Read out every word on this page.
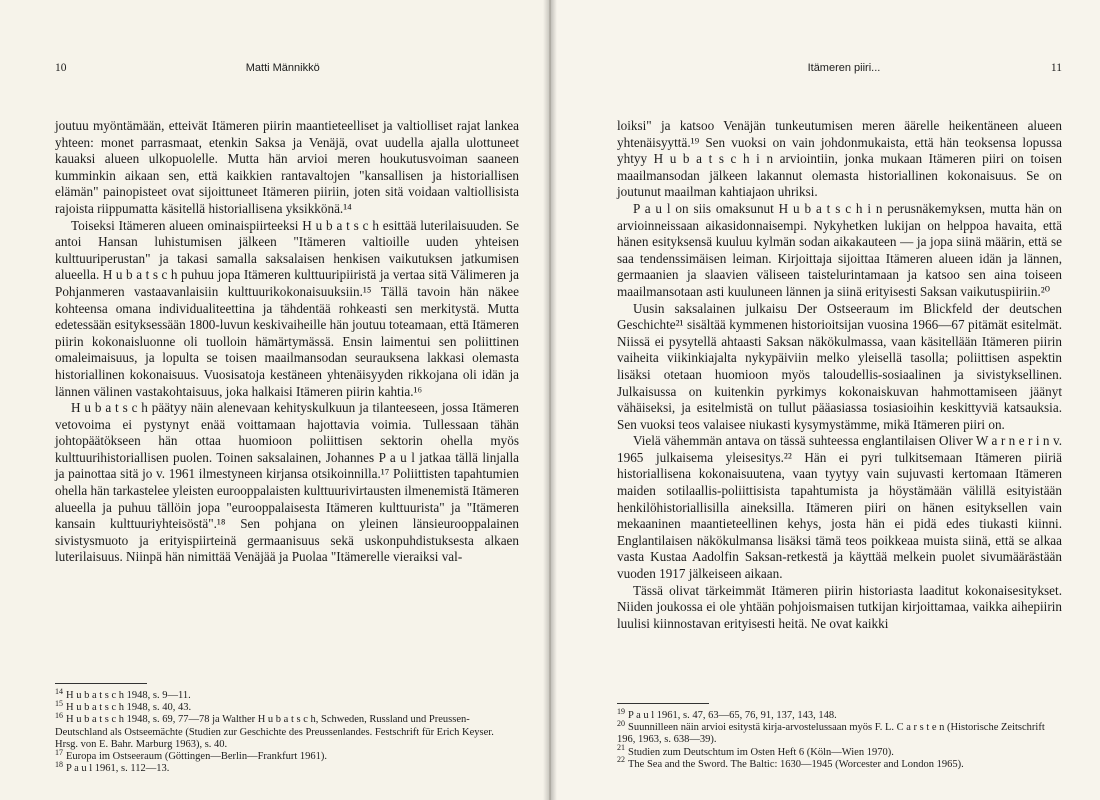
10	Matti Männikkö

joutuu myöntämään, etteivät Itämeren piirin maantieteelliset ja valtiolliset rajat lankea yhteen: monet parrasmaat, etenkin Saksa ja Venäjä, ovat uudella ajalla ulottuneet kauaksi alueen ulkopuolelle. Mutta hän arvioi meren houkutusvoiman saaneen kumminkin aikaan sen, että kaikkien rantavaltojen "kansallisen ja historiallisen elämän" painopisteet ovat sijoittuneet Itämeren piiriin, joten sitä voidaan valtiollisista rajoista riippumatta käsitellä historiallisena yksikkönä.¹⁴

Toiseksi Itämeren alueen ominaispiirteeksi H u b a t s c h esittää luterilaisuuden. Se antoi Hansan luhistumisen jälkeen "Itämeren valtioille uuden yhteisen kulttuuriperustan" ja takasi samalla saksalaisen henkisen vaikutuksen jatkumisen alueella. H u b a t s c h puhuu jopa Itämeren kulttuuripiiristä ja vertaa sitä Välimeren ja Pohjanmeren vastaavanlaisiin kulttuurikokonaisuuksiin.¹⁵ Tällä tavoin hän näkee kohteensa omana individualiteettina ja tähdentää rohkeasti sen merkitystä. Mutta edetessään esityksessään 1800-luvun keskivaiheille hän joutuu toteamaan, että Itämeren piirin kokonaisluonne oli tuolloin hämärtymässä. Ensin laimentui sen poliittinen omaleimaisuus, ja lopulta se toisen maailmansodan seurauksena lakkasi olemasta historiallinen kokonaisuus. Vuosisatoja kestäneen yhtenäisyyden rikkojana oli idän ja lännen välinen vastakohtaisuus, joka halkaisi Itämeren piirin kahtia.¹⁶

H u b a t s c h päätyy näin alenevaan kehityskulkuun ja tilanteeseen, jossa Itämeren vetovoima ei pystynyt enää voittamaan hajottavia voimia. Tullessaan tähän johtopäätökseen hän ottaa huomioon poliittisen sektorin ohella myös kulttuurihistoriallisen puolen. Toinen saksalainen, Johannes P a u l jatkaa tällä linjalla ja painottaa sitä jo v. 1961 ilmestyneen kirjansa otsikoinnilla.¹⁷ Poliittisten tapahtumien ohella hän tarkastelee yleisten eurooppalaisten kulttuurivirtausten ilmenemistä Itämeren alueella ja puhuu tällöin jopa "eurooppalaisesta Itämeren kulttuurista" ja "Itämeren kansain kulttuuriyhteisöstä".¹⁸ Sen pohjana on yleinen länsieurooppalainen sivistysmuoto ja erityispiirteinä germaanisuus sekä uskonpuhdistuksesta alkaen luterilaisuus. Niinpä hän nimittää Venäjää ja Puolaa "Itämerelle vieraiksi val-

$^{14}$ H u b a t s c h 1948, s. 9—11.

$^{15}$ H u b a t s c h 1948, s. 40, 43.

$^{16}$ H u b a t s c h 1948, s. 69, 77—78 ja Walther H u b a t s c h, Schweden, Russland und Preussen-Deutschland als Ostseemächte (Studien zur Geschichte des Preussenlandes. Festschrift für Erich Keyser. Hrsg. von E. Bahr. Marburg 1963), s. 40.

$^{17}$ Europa im Ostseeraum (Göttingen—Berlin—Frankfurt 1961).

$^{18}$ P a u l 1961, s. 112—13.

Itämeren piiri...	11

loiksi" ja katsoo Venäjän tunkeutumisen meren äärelle heikentäneen alueen yhtenäisyyttä.¹⁹ Sen vuoksi on vain johdonmukaista, että hän teoksensa lopussa yhtyy H u b a t s c h i n arviointiin, jonka mukaan Itämeren piiri on toisen maailmansodan jälkeen lakannut olemasta historiallinen kokonaisuus. Se on joutunut maailman kahtiajaon uhriksi.

P a u l on siis omaksunut H u b a t s c h i n perusnäkemyksen, mutta hän on arvioinneissaan aikasidonnaisempi. Nykyhetken lukijan on helppoa havaita, että hänen esityksensä kuuluu kylmän sodan aikakauteen — ja jopa siinä määrin, että se saa tendenssimäisen leiman. Kirjoittaja sijoittaa Itämeren alueen idän ja lännen, germaanien ja slaavien väliseen taistelurintamaan ja katsoo sen aina toiseen maailmansotaan asti kuuluneen lännen ja siinä erityisesti Saksan vaikutuspiiriin.²⁰

Uusin saksalainen julkaisu Der Ostseeraum im Blickfeld der deutschen Geschichte²¹ sisältää kymmenen historioitsijan vuosina 1966—67 pitämät esitelmät. Niissä ei pysytellä ahtaasti Saksan näkökulmassa, vaan käsitellään Itämeren piirin vaiheita viikinkiajalta nykypäiviin melko yleisellä tasolla; poliittisen aspektin lisäksi otetaan huomioon myös taloudellis-sosiaalinen ja sivistyksellinen. Julkaisussa on kuitenkin pyrkimys kokonaiskuvan hahmottamiseen jäänyt vähäiseksi, ja esitelmistä on tullut pääasiassa tosiasioihin keskittyviä katsauksia. Sen vuoksi teos valaisee niukasti kysymystämme, mikä Itämeren piiri on.

Vielä vähemmän antava on tässä suhteessa englantilaisen Oliver W a r n e r i n v. 1965 julkaisema yleisesitys.²² Hän ei pyri tulkitsemaan Itämeren piiriä historiallisena kokonaisuutena, vaan tyytyy vain sujuvasti kertomaan Itämeren maiden sotilaallis-poliittisista tapahtumista ja höystämään välillä esityistään henkilöhistoriallisilla aineksilla. Itämeren piiri on hänen esityksellen vain mekaaninen maantieteellinen kehys, josta hän ei pidä edes tiukasti kiinni. Englantilaisen näkökulmansa lisäksi tämä teos poikkeaa muista siinä, että se alkaa vasta Kustaa Aadolfin Saksan-retkestä ja käyttää melkein puolet sivumäärästään vuoden 1917 jälkeiseen aikaan.

Tässä olivat tärkeimmät Itämeren piirin historiasta laaditut kokonaisesitykset. Niiden joukossa ei ole yhtään pohjoismaisen tutkijan kirjoittamaa, vaikka aihepiirin luulisi kiinnostavan erityisesti heitä. Ne ovat kaikki

$^{19}$ P a u l 1961, s. 47, 63—65, 76, 91, 137, 143, 148.

$^{20}$ Suunnilleen näin arvioi esitystä kirja-arvostelussaan myös F. L. C a r s t e n (Historische Zeitschrift 196, 1963, s. 638—39).

$^{21}$ Studien zum Deutschtum im Osten Heft 6 (Köln—Wien 1970).

$^{22}$ The Sea and the Sword. The Baltic: 1630—1945 (Worcester and London 1965).
